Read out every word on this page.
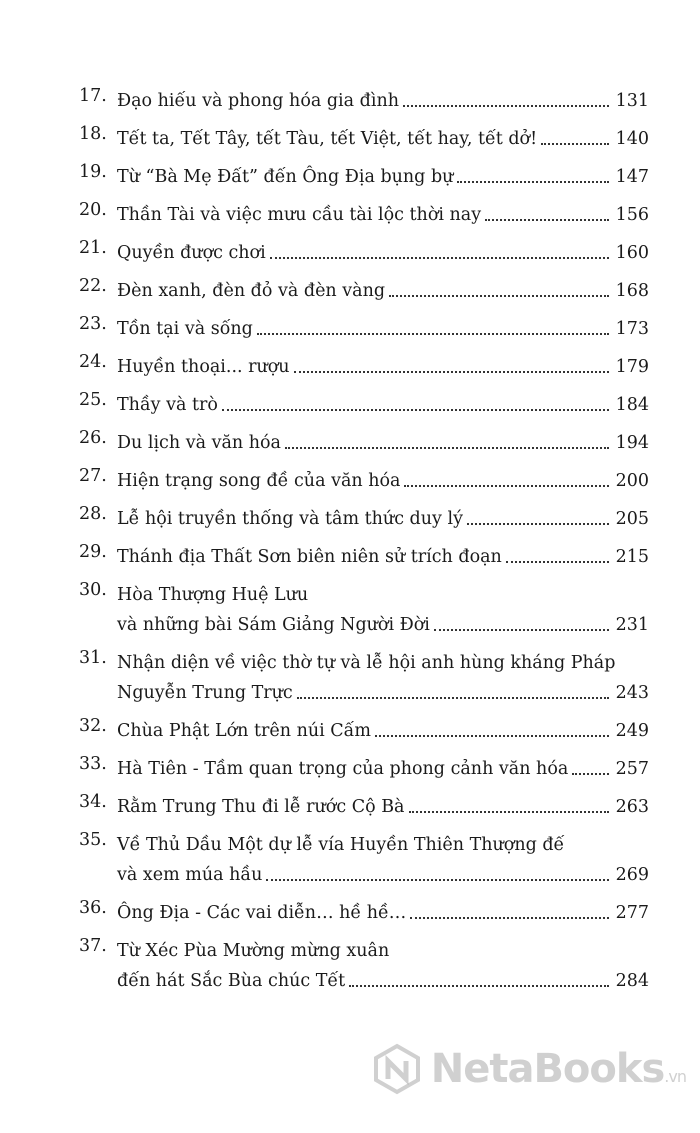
17. Đạo hiếu và phong hóa gia đình	131
18. Tết ta, Tết Tây, tết Tàu, tết Việt, tết hay, tết dở!	140
19. Từ “Bà Mẹ Đất” đến Ông Địa bụng bự	147
20. Thần Tài và việc mưu cầu tài lộc thời nay	156
21. Quyền được chơi	160
22. Đèn xanh, đèn đỏ và đèn vàng	168
23. Tồn tại và sống	173
24. Huyền thoại... rượu	179
25. Thầy và trò	184
26. Du lịch và văn hóa	194
27. Hiện trạng song đề của văn hóa	200
28. Lễ hội truyền thống và tâm thức duy lý	205
29. Thánh địa Thất Sơn biên niên sử trích đoạn	215
30. Hòa Thượng Huệ Lưu
và những bài Sám Giảng Người Đời	231
31. Nhận diện về việc thờ tự và lễ hội anh hùng kháng Pháp
Nguyễn Trung Trực	243
32. Chùa Phật Lớn trên núi Cấm	249
33. Hà Tiên - Tầm quan trọng của phong cảnh văn hóa	257
34. Rằm Trung Thu đi lễ rước Cộ Bà	263
35. Về Thủ Dầu Một dự lễ vía Huyền Thiên Thượng đế
và xem múa hầu	269
36. Ông Địa - Các vai diễn… hề hề…	277
37. Từ Xéc Pùa Mường mừng xuân
đến hát Sắc Bùa chúc Tết	284
NetaBooks.vn
